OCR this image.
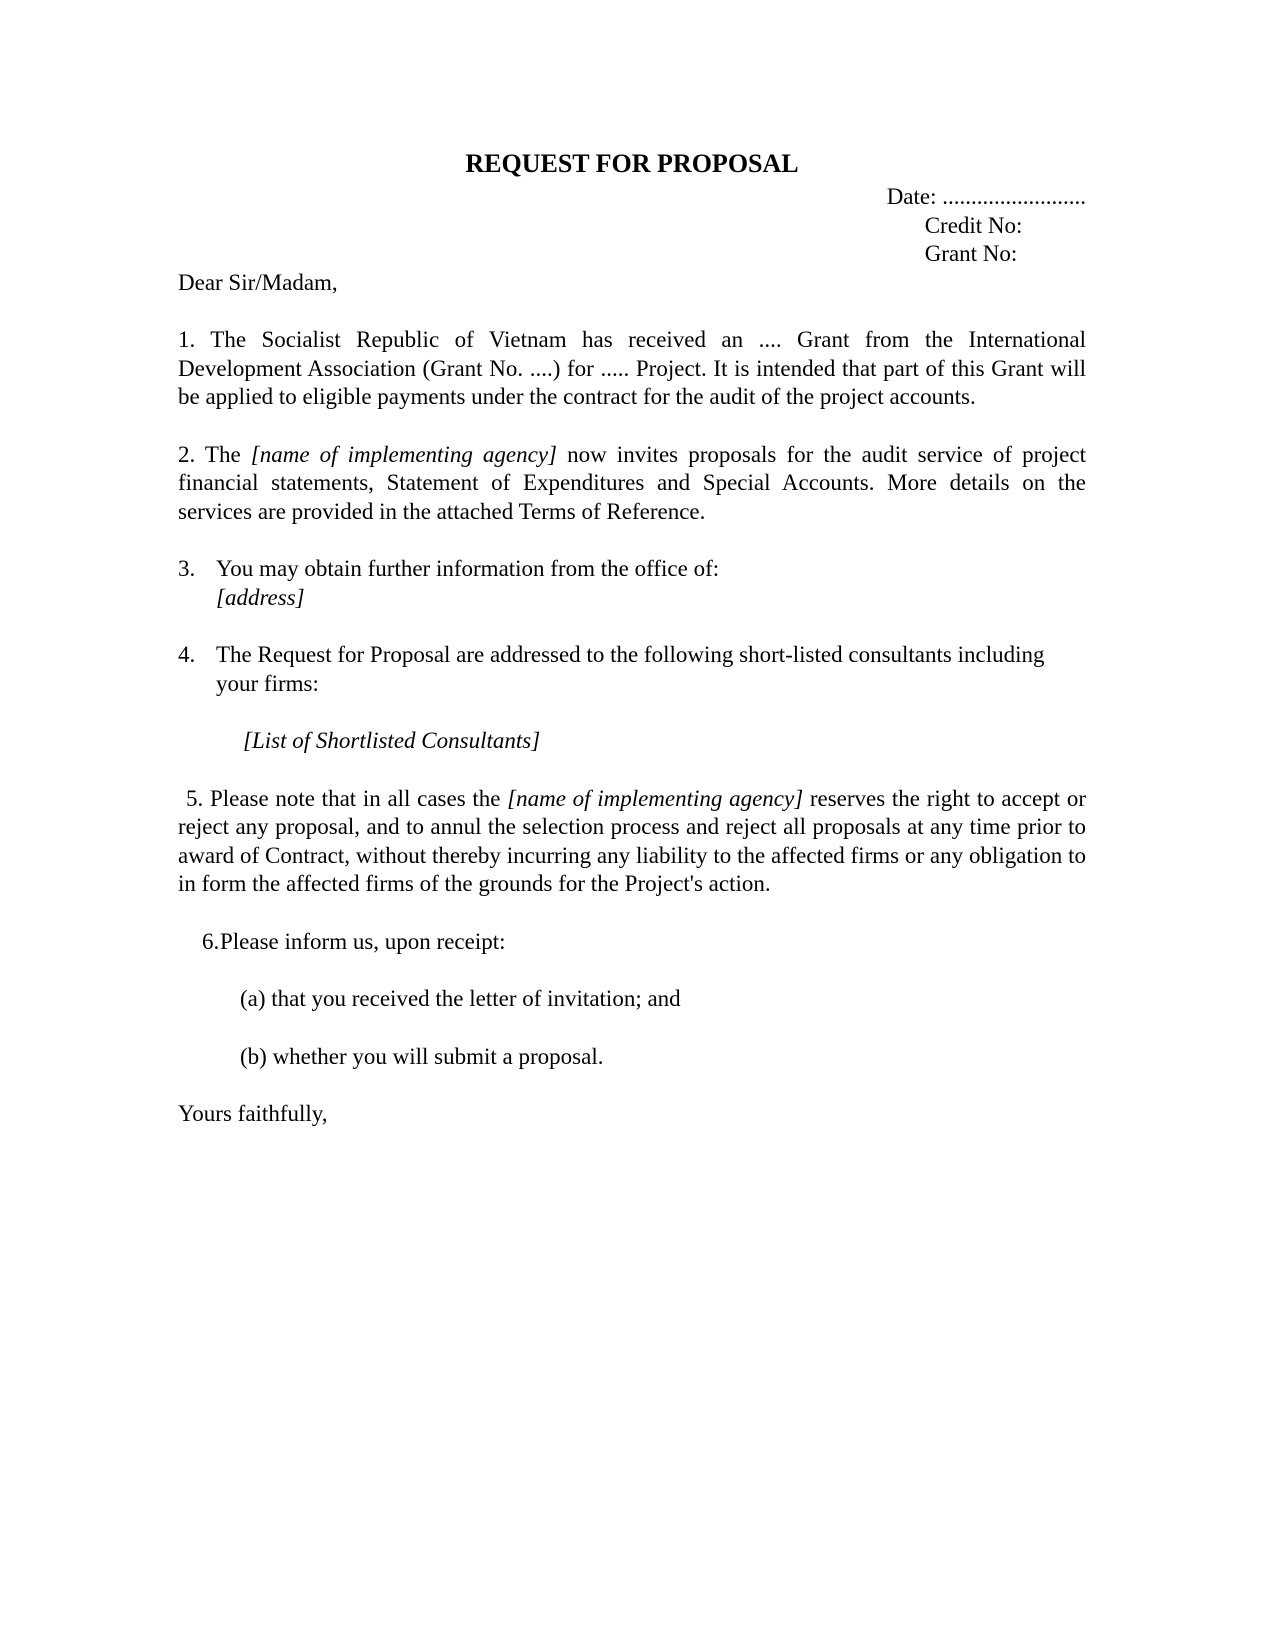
REQUEST FOR PROPOSAL
Date: .........................
Credit No:
Grant No:
Dear Sir/Madam,
1. The Socialist Republic of Vietnam has received an .... Grant from the International Development Association (Grant No. ....) for ..... Project. It is intended that part of this Grant will be applied to eligible payments under the contract for the audit of the project accounts.
2. The [name of implementing agency] now invites proposals for the audit service of project financial statements, Statement of Expenditures and Special Accounts. More details on the services are provided in the attached Terms of Reference.
3. You may obtain further information from the office of:
[address]
4. The Request for Proposal are addressed to the following short-listed consultants including your firms:
[List of Shortlisted Consultants]
5. Please note that in all cases the [name of implementing agency] reserves the right to accept or reject any proposal, and to annul the selection process and reject all proposals at any time prior to award of Contract, without thereby incurring any liability to the affected firms or any obligation to in form the affected firms of the grounds for the Project's action.
6.Please inform us, upon receipt:
(a) that you received the letter of invitation; and
(b) whether you will submit a proposal.
Yours faithfully,
